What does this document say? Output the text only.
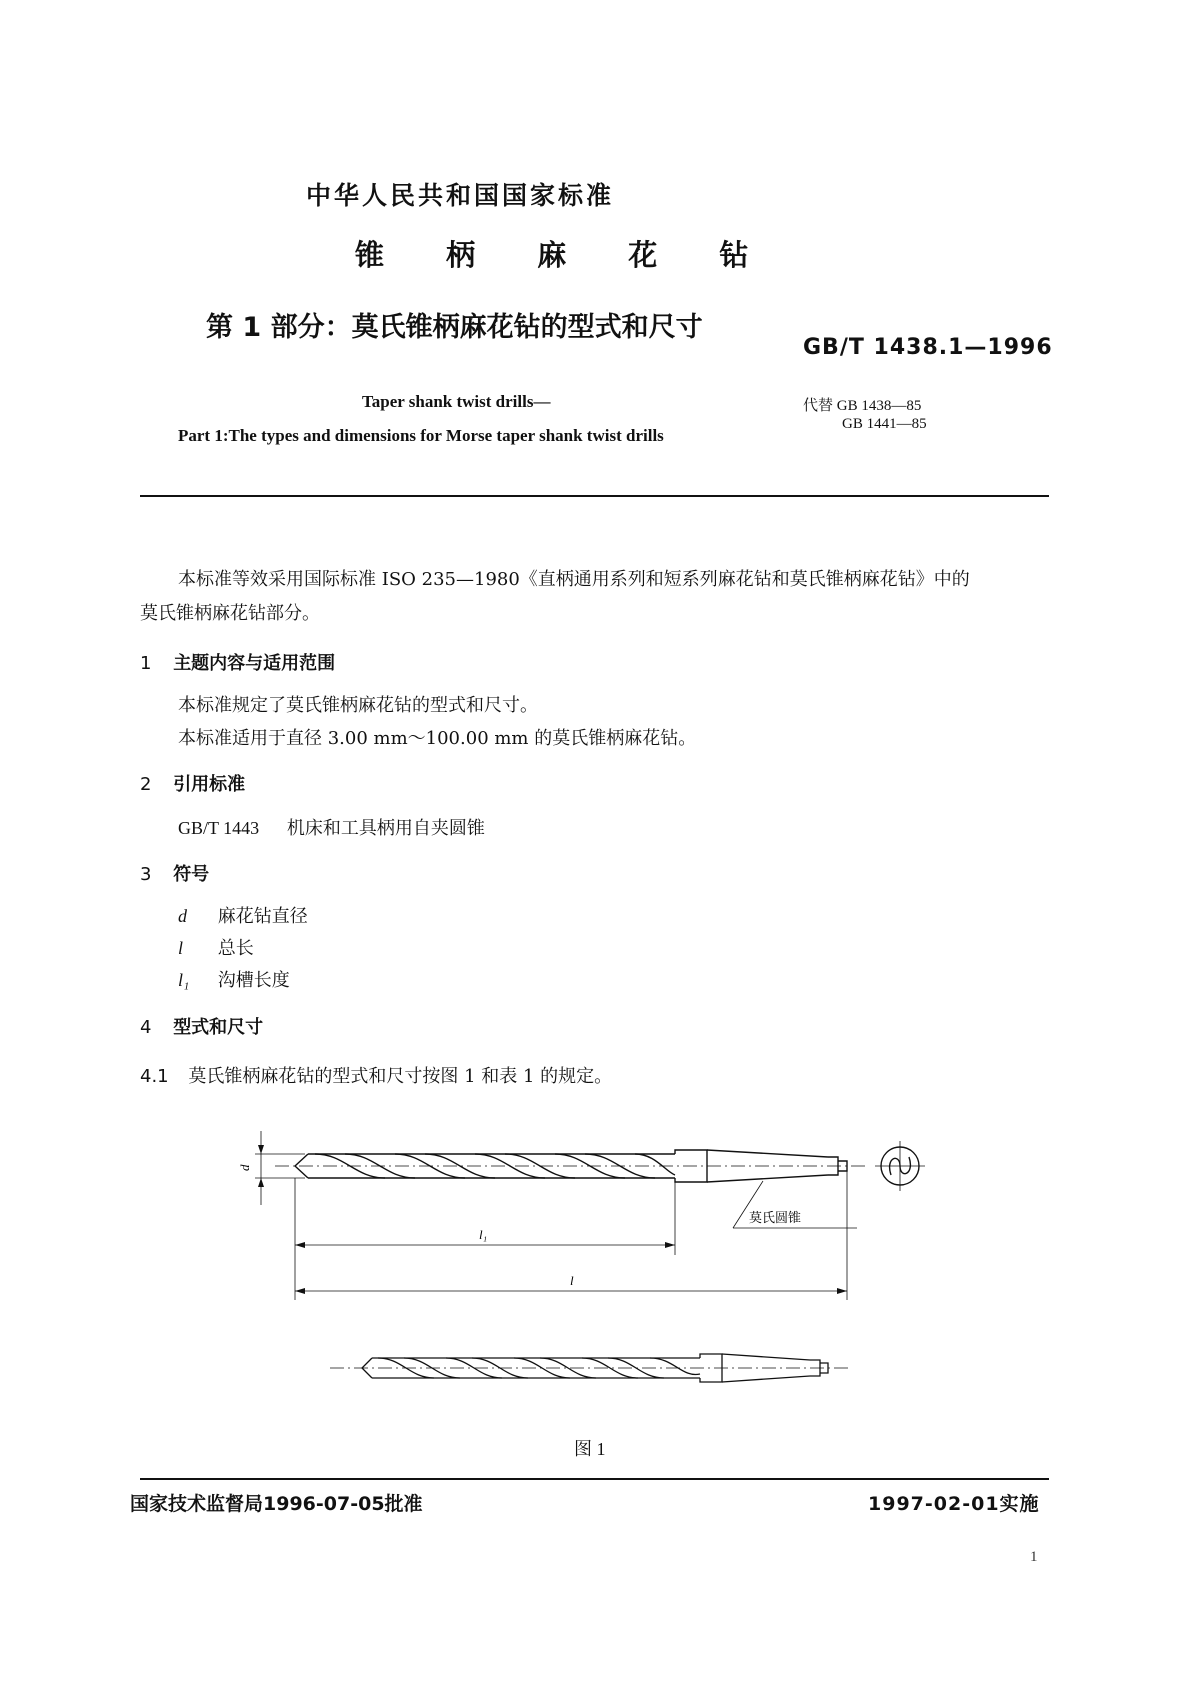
中华人民共和国国家标准
锥 柄 麻 花 钻
第 1 部分：莫氏锥柄麻花钻的型式和尺寸
GB/T 1438.1—1996
Taper shank twist drills—
Part 1:The types and dimensions for Morse taper shank twist drills
代替 GB 1438—85
GB 1441—85
本标准等效采用国际标准 ISO 235—1980《直柄通用系列和短系列麻花钻和莫氏锥柄麻花钻》中的
莫氏锥柄麻花钻部分。
1 主题内容与适用范围
本标准规定了莫氏锥柄麻花钻的型式和尺寸。
本标准适用于直径 3.00 mm～100.00 mm 的莫氏锥柄麻花钻。
2 引用标准
GB/T 1443 机床和工具柄用自夹圆锥
3 符号
d 麻花钻直径
l 总长
l₁ 沟槽长度
4 型式和尺寸
4.1 莫氏锥柄麻花钻的型式和尺寸按图 1 和表 1 的规定。
d
l₁
l
莫氏圆锥
图 1
国家技术监督局1996-07-05批准	1997-02-01实施
1
